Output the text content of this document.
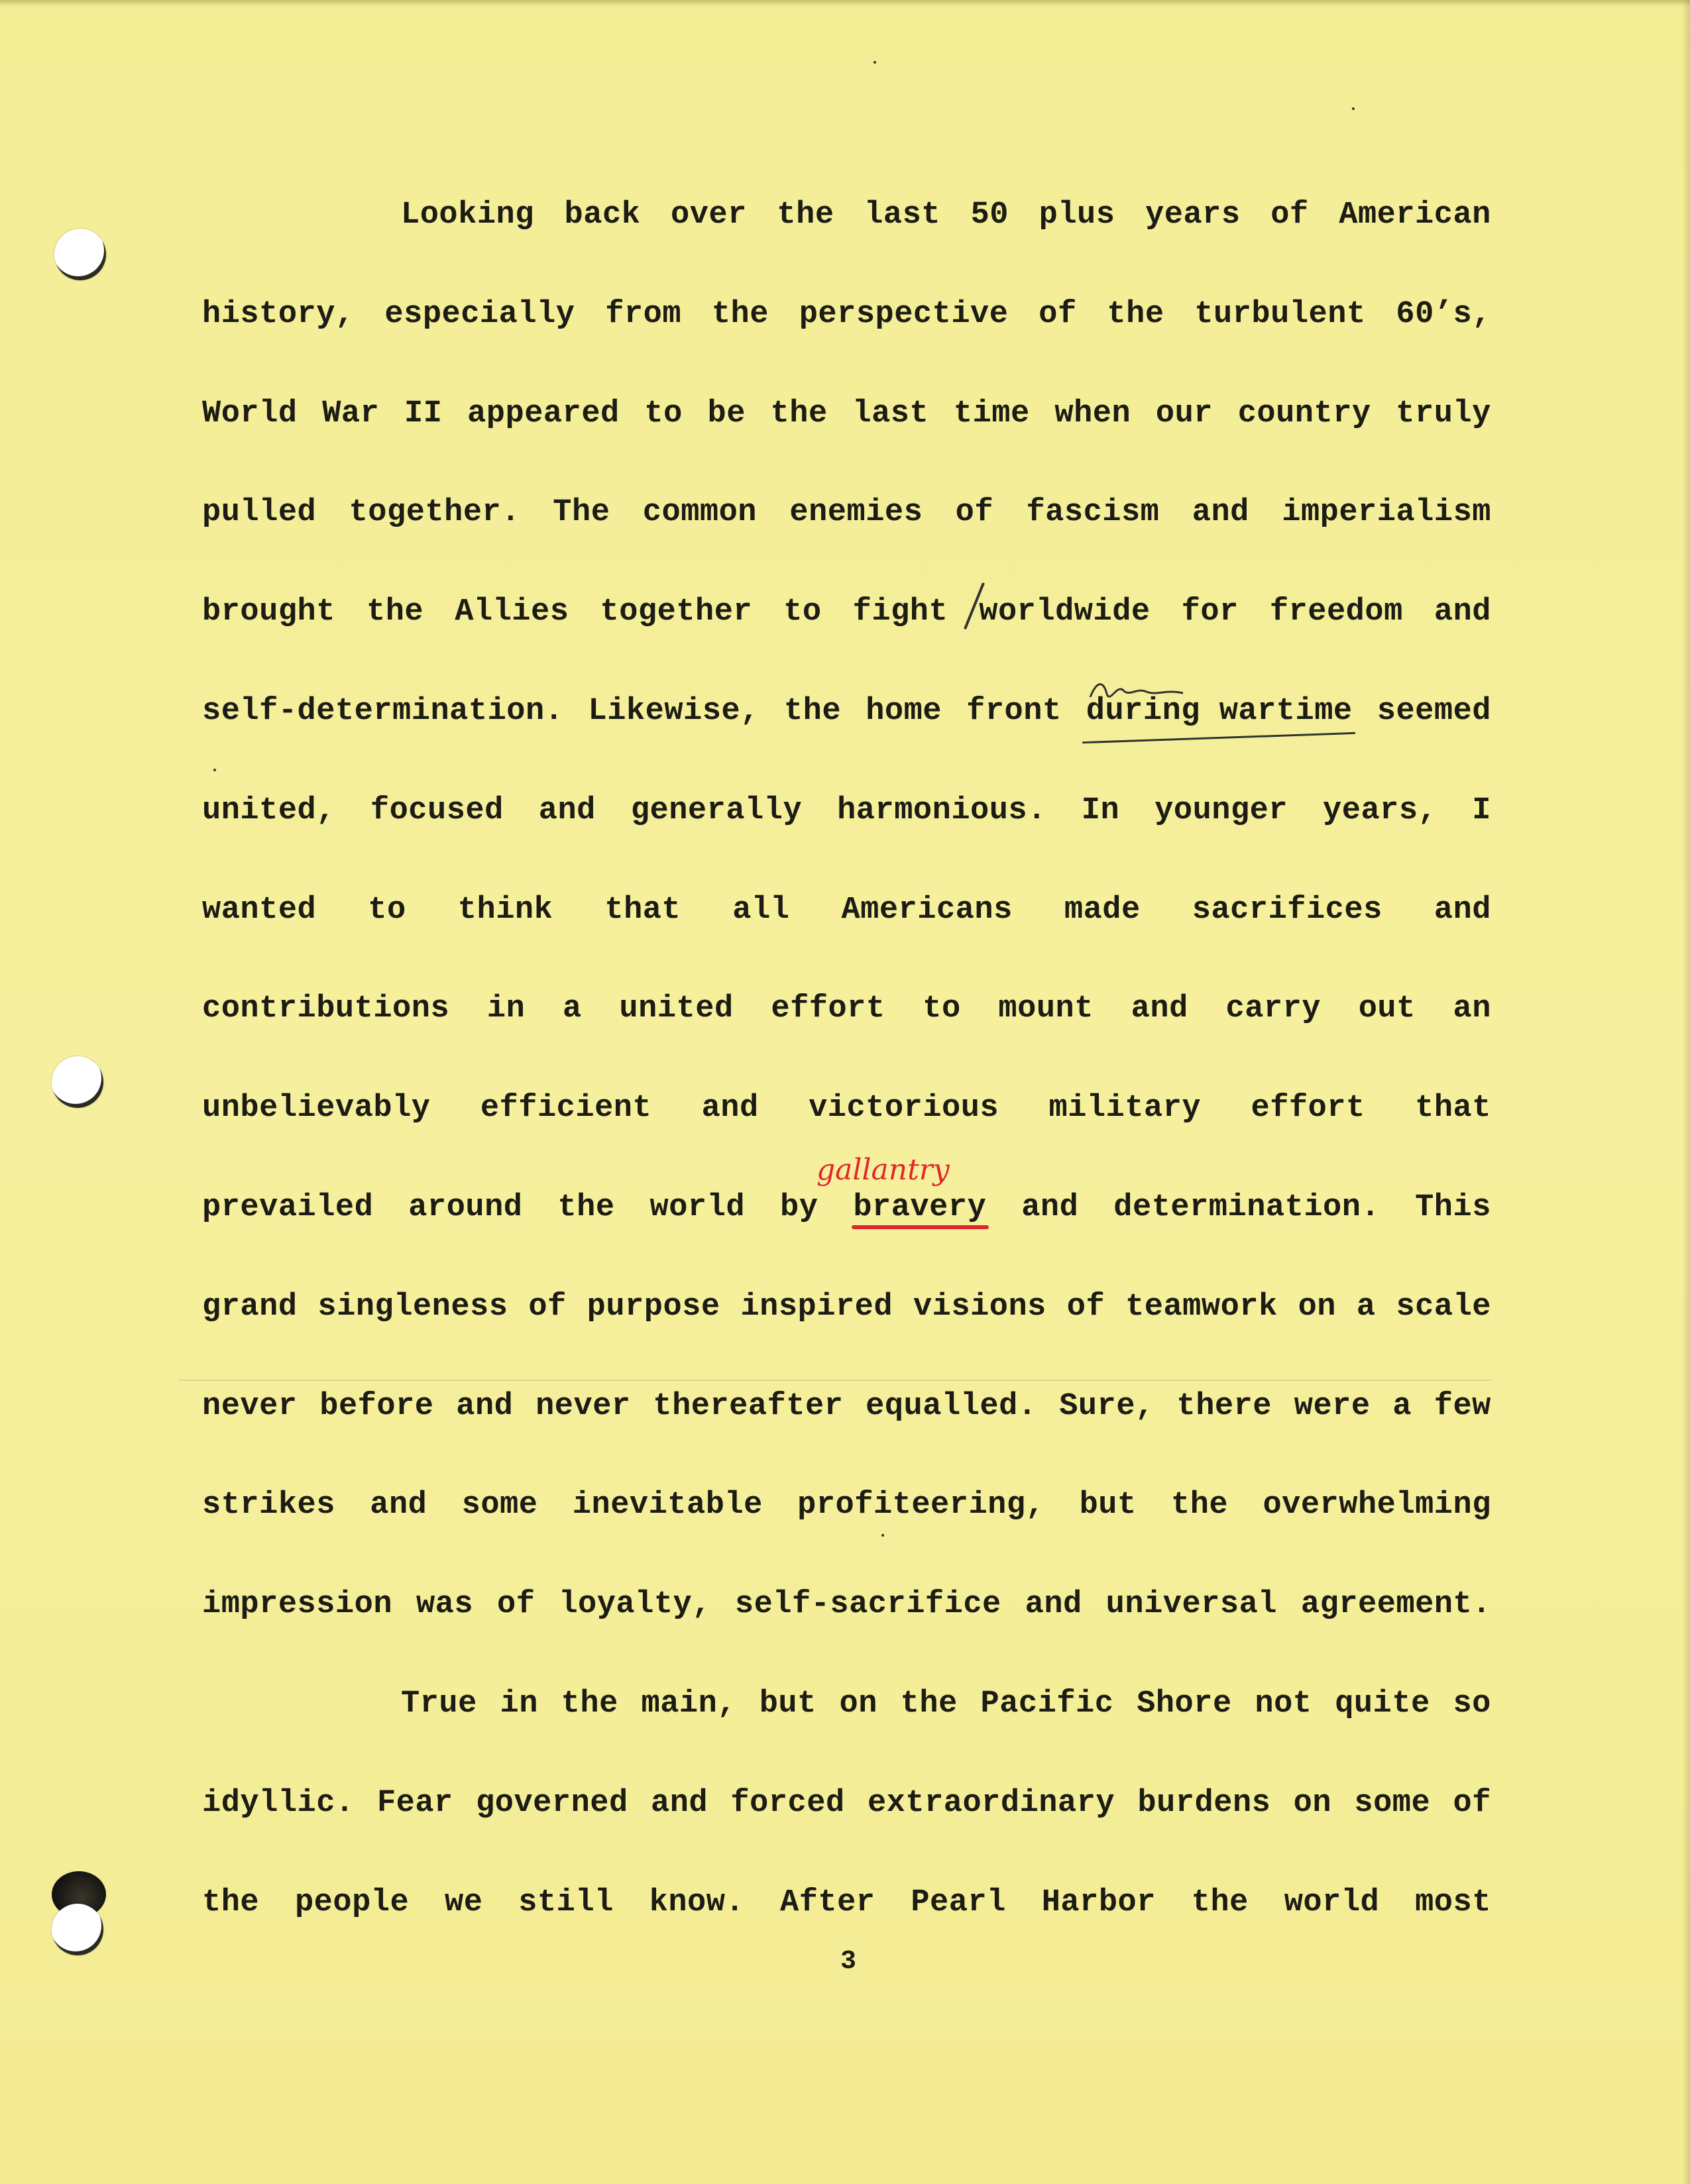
Looking back over the last 50 plus years of American
history, especially from the perspective of the turbulent 60’s,
World War II appeared to be the last time when our country truly
pulled together. The common enemies of fascism and imperialism
brought the Allies together to fight worldwide for freedom and
self-determination. Likewise, the home front during wartime seemed
united, focused and generally harmonious. In younger years, I
wanted to think that all Americans made sacrifices and
contributions in a united effort to mount and carry out an
unbelievably efficient and victorious military effort that
prevailed around the world by bravery and determination. This
grand singleness of purpose inspired visions of teamwork on a scale
never before and never thereafter equalled. Sure, there were a few
strikes and some inevitable profiteering, but the overwhelming
impression was of loyalty, self-sacrifice and universal agreement.
True in the main, but on the Pacific Shore not quite so
idyllic. Fear governed and forced extraordinary burdens on some of
the people we still know. After Pearl Harbor the world most
gallantry
3
